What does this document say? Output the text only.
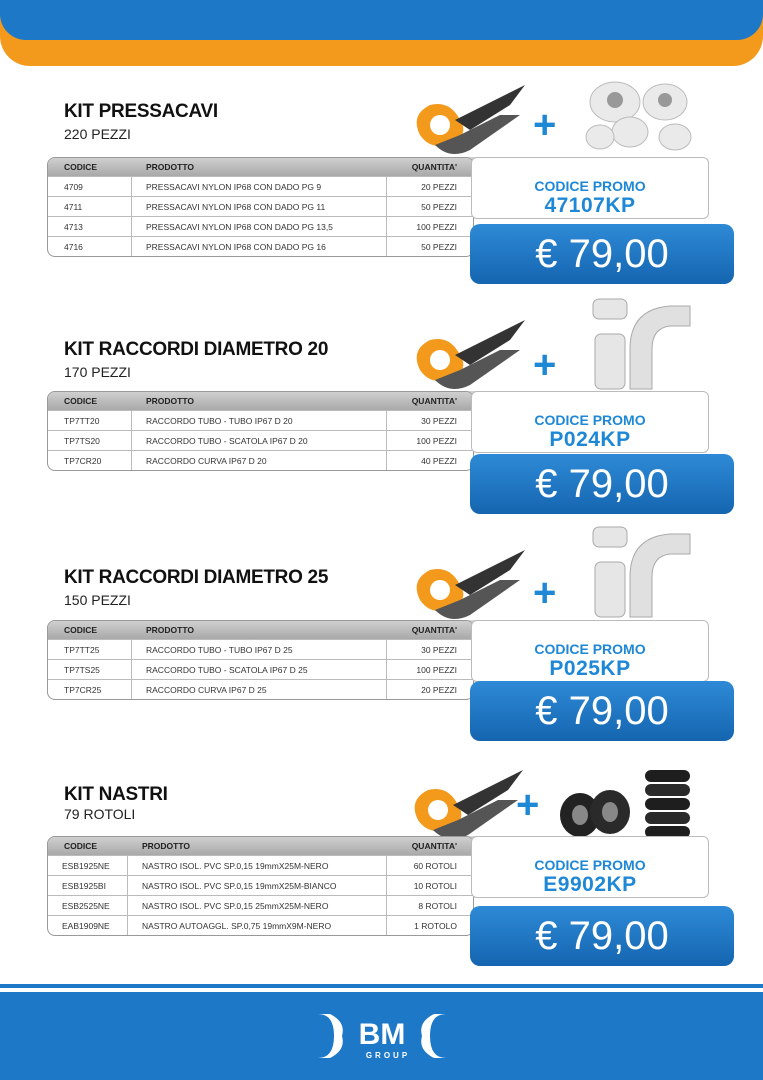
KIT PRESSACAVI
220 PEZZI	+
CODICE	PRODOTTO	QUANTITA'
4709	PRESSACAVI NYLON IP68 CON DADO PG 9	20 PEZZI
4711	PRESSACAVI NYLON IP68 CON DADO PG 11	50 PEZZI
4713	PRESSACAVI NYLON IP68 CON DADO PG 13,5	100 PEZZI
4716	PRESSACAVI NYLON IP68 CON DADO PG 16	50 PEZZI
CODICE PROMO
47107KP
€ 79,00
KIT RACCORDI DIAMETRO 20
170 PEZZI	+
CODICE	PRODOTTO	QUANTITA'
TP7TT20	RACCORDO TUBO - TUBO IP67 D 20	30 PEZZI
TP7TS20	RACCORDO TUBO - SCATOLA IP67 D 20	100 PEZZI
TP7CR20	RACCORDO CURVA IP67 D 20	40 PEZZI
CODICE PROMO
P024KP
€ 79,00
KIT RACCORDI DIAMETRO 25
150 PEZZI	+
CODICE	PRODOTTO	QUANTITA'
TP7TT25	RACCORDO TUBO - TUBO IP67 D 25	30 PEZZI
TP7TS25	RACCORDO TUBO - SCATOLA IP67 D 25	100 PEZZI
TP7CR25	RACCORDO CURVA IP67 D 25	20 PEZZI
CODICE PROMO
P025KP
€ 79,00
KIT NASTRI
79 ROTOLI	+
CODICE	PRODOTTO	QUANTITA'
ESB1925NE	NASTRO ISOL. PVC SP.0,15 19mmX25M-NERO	60 ROTOLI
ESB1925BI	NASTRO ISOL. PVC SP.0,15 19mmX25M-BIANCO	10 ROTOLI
ESB2525NE	NASTRO ISOL. PVC SP.0,15 25mmX25M-NERO	8 ROTOLI
EAB1909NE	NASTRO AUTOAGGL. SP.0,75 19mmX9M-NERO	1 ROTOLO
CODICE PROMO
E9902KP
€ 79,00
BM
GROUP
